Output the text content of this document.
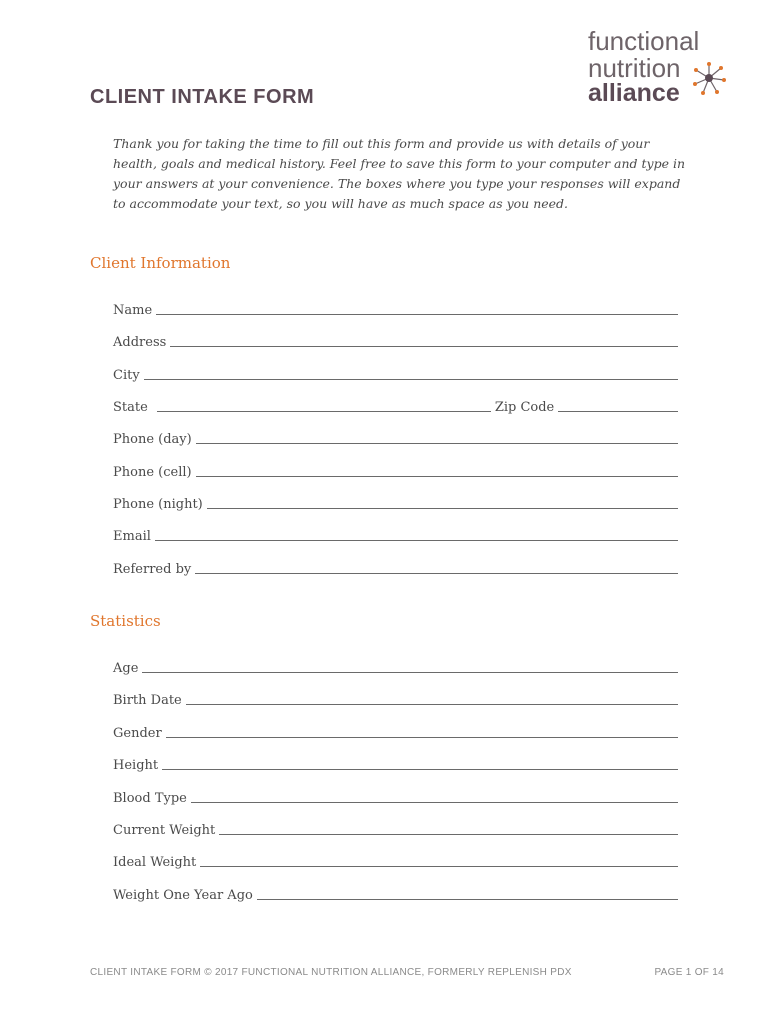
CLIENT INTAKE FORM
functional
nutrition
alliance
Thank you for taking the time to fill out this form and provide us with details of your health, goals and medical history. Feel free to save this form to your computer and type in your answers at your convenience. The boxes where you type your responses will expand to accommodate your text, so you will have as much space as you need.
Client Information
Name
Address
City
State	Zip Code
Phone (day)
Phone (cell)
Phone (night)
Email
Referred by
Statistics
Age
Birth Date
Gender
Height
Blood Type
Current Weight
Ideal Weight
Weight One Year Ago
CLIENT INTAKE FORM © 2017 FUNCTIONAL NUTRITION ALLIANCE, FORMERLY REPLENISH PDX	PAGE 1 OF 14
